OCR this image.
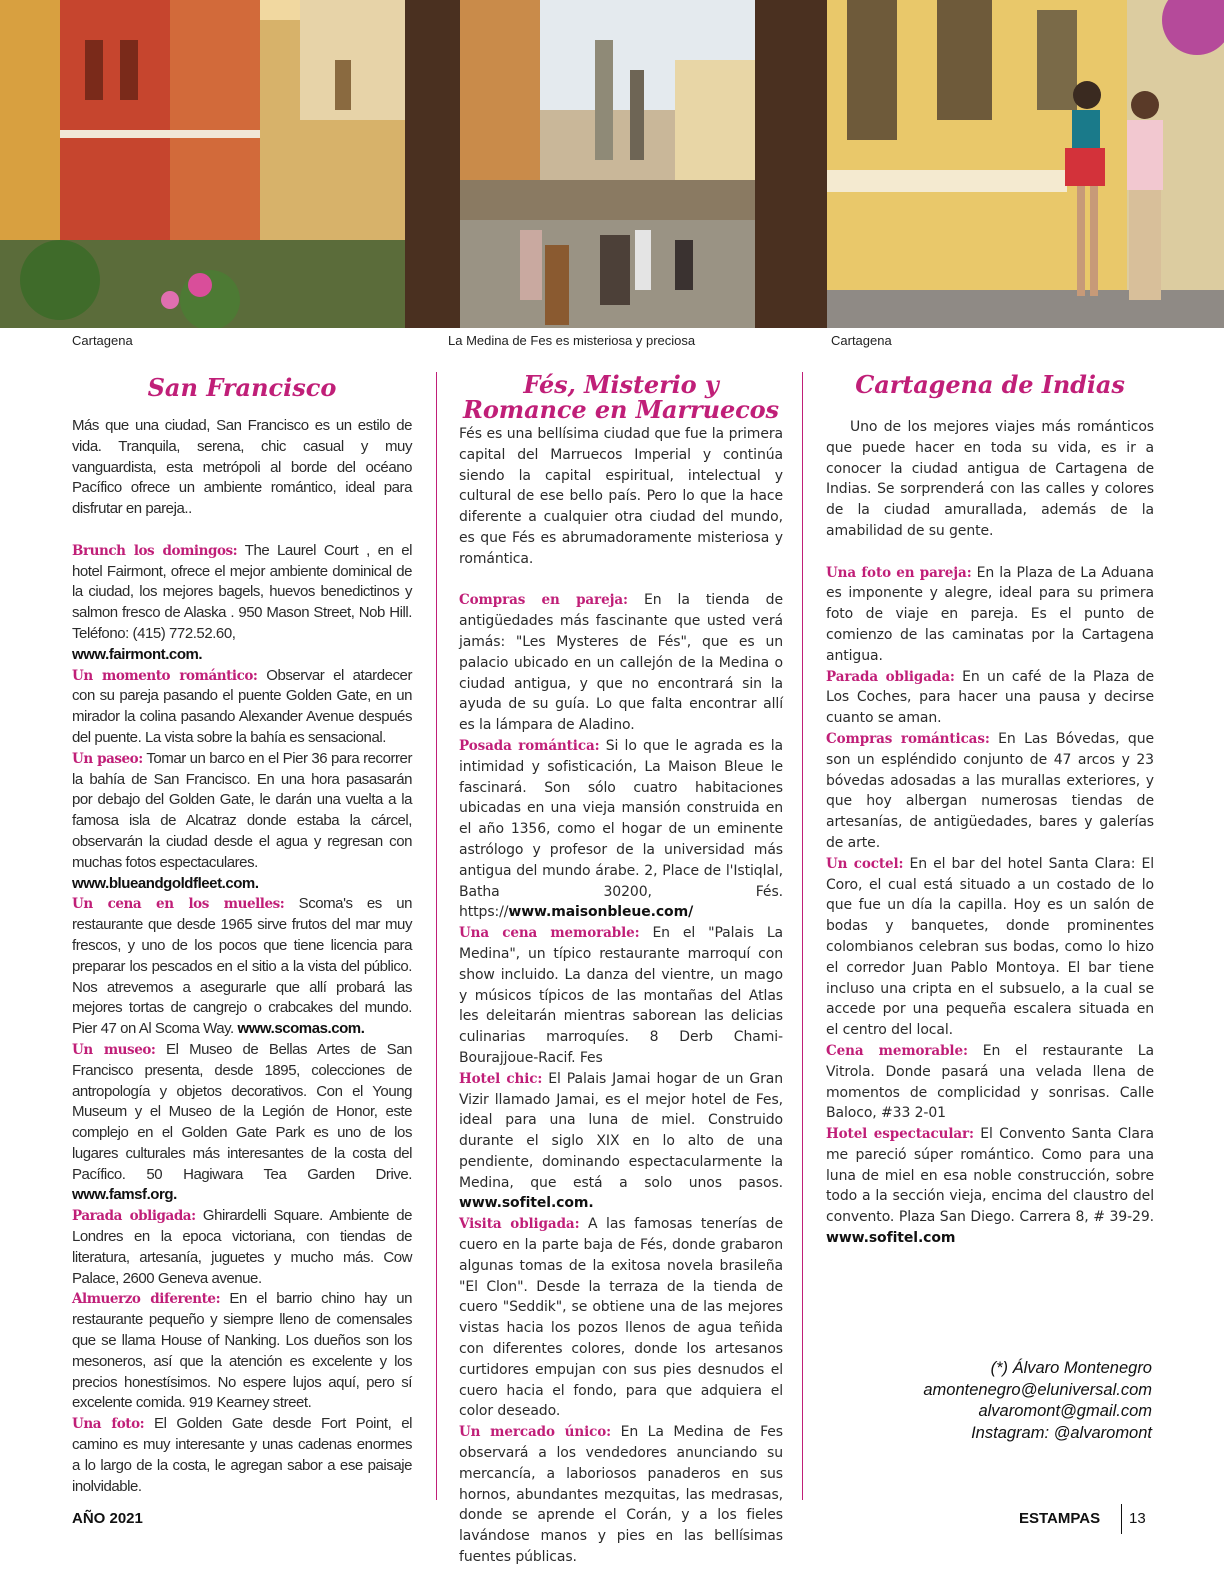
Cartagena	La Medina de Fes es misteriosa y preciosa	Cartagena
San Francisco

Más que una ciudad, San Francisco es un estilo de vida. Tranquila, serena, chic casual y muy vanguardista, esta metrópoli al borde del océano Pacífico ofrece un ambiente romántico, ideal para disfrutar en pareja..

Brunch los domingos: The Laurel Court , en el hotel Fairmont, ofrece el mejor ambiente dominical de la ciudad, los mejores bagels, huevos benedictinos y salmon fresco de Alaska . 950 Mason Street, Nob Hill. Teléfono: (415) 772.52.60,
www.fairmont.com.

Un momento romántico: Observar el atardecer con su pareja pasando el puente Golden Gate, en un mirador la colina pasando Alexander Avenue después del puente. La vista sobre la bahía es sensacional.

Un paseo: Tomar un barco en el Pier 36 para recorrer la bahía de San Francisco. En una hora pasasarán por debajo del Golden Gate, le darán una vuelta a la famosa isla de Alcatraz donde estaba la cárcel, observarán la ciudad desde el agua y regresan con muchas fotos espectaculares.
www.blueandgoldfleet.com.

Un cena en los muelles: Scoma's es un restaurante que desde 1965 sirve frutos del mar muy frescos, y uno de los pocos que tiene licencia para preparar los pescados en el sitio a la vista del público. Nos atrevemos a asegurarle que allí probará las mejores tortas de cangrejo o crabcakes del mundo. Pier 47 on Al Scoma Way. www.scomas.com.

Un museo: El Museo de Bellas Artes de San Francisco presenta, desde 1895, colecciones de antropología y objetos decorativos. Con el Young Museum y el Museo de la Legión de Honor, este complejo en el Golden Gate Park es uno de los lugares culturales más interesantes de la costa del Pacífico. 50 Hagiwara Tea Garden Drive. www.famsf.org.

Parada obligada: Ghirardelli Square. Ambiente de Londres en la epoca victoriana, con tiendas de literatura, artesanía, juguetes y mucho más. Cow Palace, 2600 Geneva avenue.

Almuerzo diferente: En el barrio chino hay un restaurante pequeño y siempre lleno de comensales que se llama House of Nanking. Los dueños son los mesoneros, así que la atención es excelente y los precios honestísimos. No espere lujos aquí, pero sí excelente comida. 919 Kearney street.

Una foto: El Golden Gate desde Fort Point, el camino es muy interesante y unas cadenas enormes a lo largo de la costa, le agregan sabor a ese paisaje inolvidable.

Fés, Misterio y Romance en Marruecos

Fés es una bellísima ciudad que fue la primera capital del Marruecos Imperial y continúa siendo la capital espiritual, intelectual y cultural de ese bello país. Pero lo que la hace diferente a cualquier otra ciudad del mundo, es que Fés es abrumadoramente misteriosa y romántica.

Compras en pareja: En la tienda de antigüedades más fascinante que usted verá jamás: "Les Mysteres de Fés", que es un palacio ubicado en un callejón de la Medina o ciudad antigua, y que no encontrará sin la ayuda de su guía. Lo que falta encontrar allí es la lámpara de Aladino.

Posada romántica: Si lo que le agrada es la intimidad y sofisticación, La Maison Bleue le fascinará. Son sólo cuatro habitaciones ubicadas en una vieja mansión construida en el año 1356, como el hogar de un eminente astrólogo y profesor de la universidad más antigua del mundo árabe. 2, Place de l'Istiqlal, Batha 30200, Fés. https://www.maisonbleue.com/

Una cena memorable: En el "Palais La Medina", un típico restaurante marroquí con show incluido. La danza del vientre, un mago y músicos típicos de las montañas del Atlas les deleitarán mientras saborean las delicias culinarias marroquíes. 8 Derb Chami-Bourajjoue-Racif. Fes

Hotel chic: El Palais Jamai hogar de un Gran Vizir llamado Jamai, es el mejor hotel de Fes, ideal para una luna de miel. Construido durante el siglo XIX en lo alto de una pendiente, dominando espectacularmente la Medina, que está a solo unos pasos. www.sofitel.com.

Visita obligada: A las famosas tenerías de cuero en la parte baja de Fés, donde grabaron algunas tomas de la exitosa novela brasileña "El Clon". Desde la terraza de la tienda de cuero "Seddik", se obtiene una de las mejores vistas hacia los pozos llenos de agua teñida con diferentes colores, donde los artesanos curtidores empujan con sus pies desnudos el cuero hacia el fondo, para que adquiera el color deseado.

Un mercado único: En La Medina de Fes observará a los vendedores anunciando su mercancía, a laboriosos panaderos en sus hornos, abundantes mezquitas, las medrasas, donde se aprende el Corán, y a los fieles lavándose manos y pies en las bellísimas fuentes públicas.

Cartagena de Indias

Uno de los mejores viajes más románticos que puede hacer en toda su vida, es ir a conocer la ciudad antigua de Cartagena de Indias. Se sorprenderá con las calles y colores de la ciudad amurallada, además de la amabilidad de su gente.

Una foto en pareja: En la Plaza de La Aduana es imponente y alegre, ideal para su primera foto de viaje en pareja. Es el punto de comienzo de las caminatas por la Cartagena antigua.

Parada obligada: En un café de la Plaza de Los Coches, para hacer una pausa y decirse cuanto se aman.

Compras románticas: En Las Bóvedas, que son un espléndido conjunto de 47 arcos y 23 bóvedas adosadas a las murallas exteriores, y que hoy albergan numerosas tiendas de artesanías, de antigüedades, bares y galerías de arte.

Un coctel: En el bar del hotel Santa Clara: El Coro, el cual está situado a un costado de lo que fue un día la capilla. Hoy es un salón de bodas y banquetes, donde prominentes colombianos celebran sus bodas, como lo hizo el corredor Juan Pablo Montoya. El bar tiene incluso una cripta en el subsuelo, a la cual se accede por una pequeña escalera situada en el centro del local.

Cena memorable: En el restaurante La Vitrola. Donde pasará una velada llena de momentos de complicidad y sonrisas. Calle Baloco, #33 2-01

Hotel espectacular: El Convento Santa Clara me pareció súper romántico. Como para una luna de miel en esa noble construcción, sobre todo a la sección vieja, encima del claustro del convento. Plaza San Diego. Carrera 8, # 39-29. www.sofitel.com

(*) Álvaro Montenegro
amontenegro@eluniversal.com
alvaromont@gmail.com
Instagram: @alvaromont
AÑO 2021	ESTAMPAS 13
